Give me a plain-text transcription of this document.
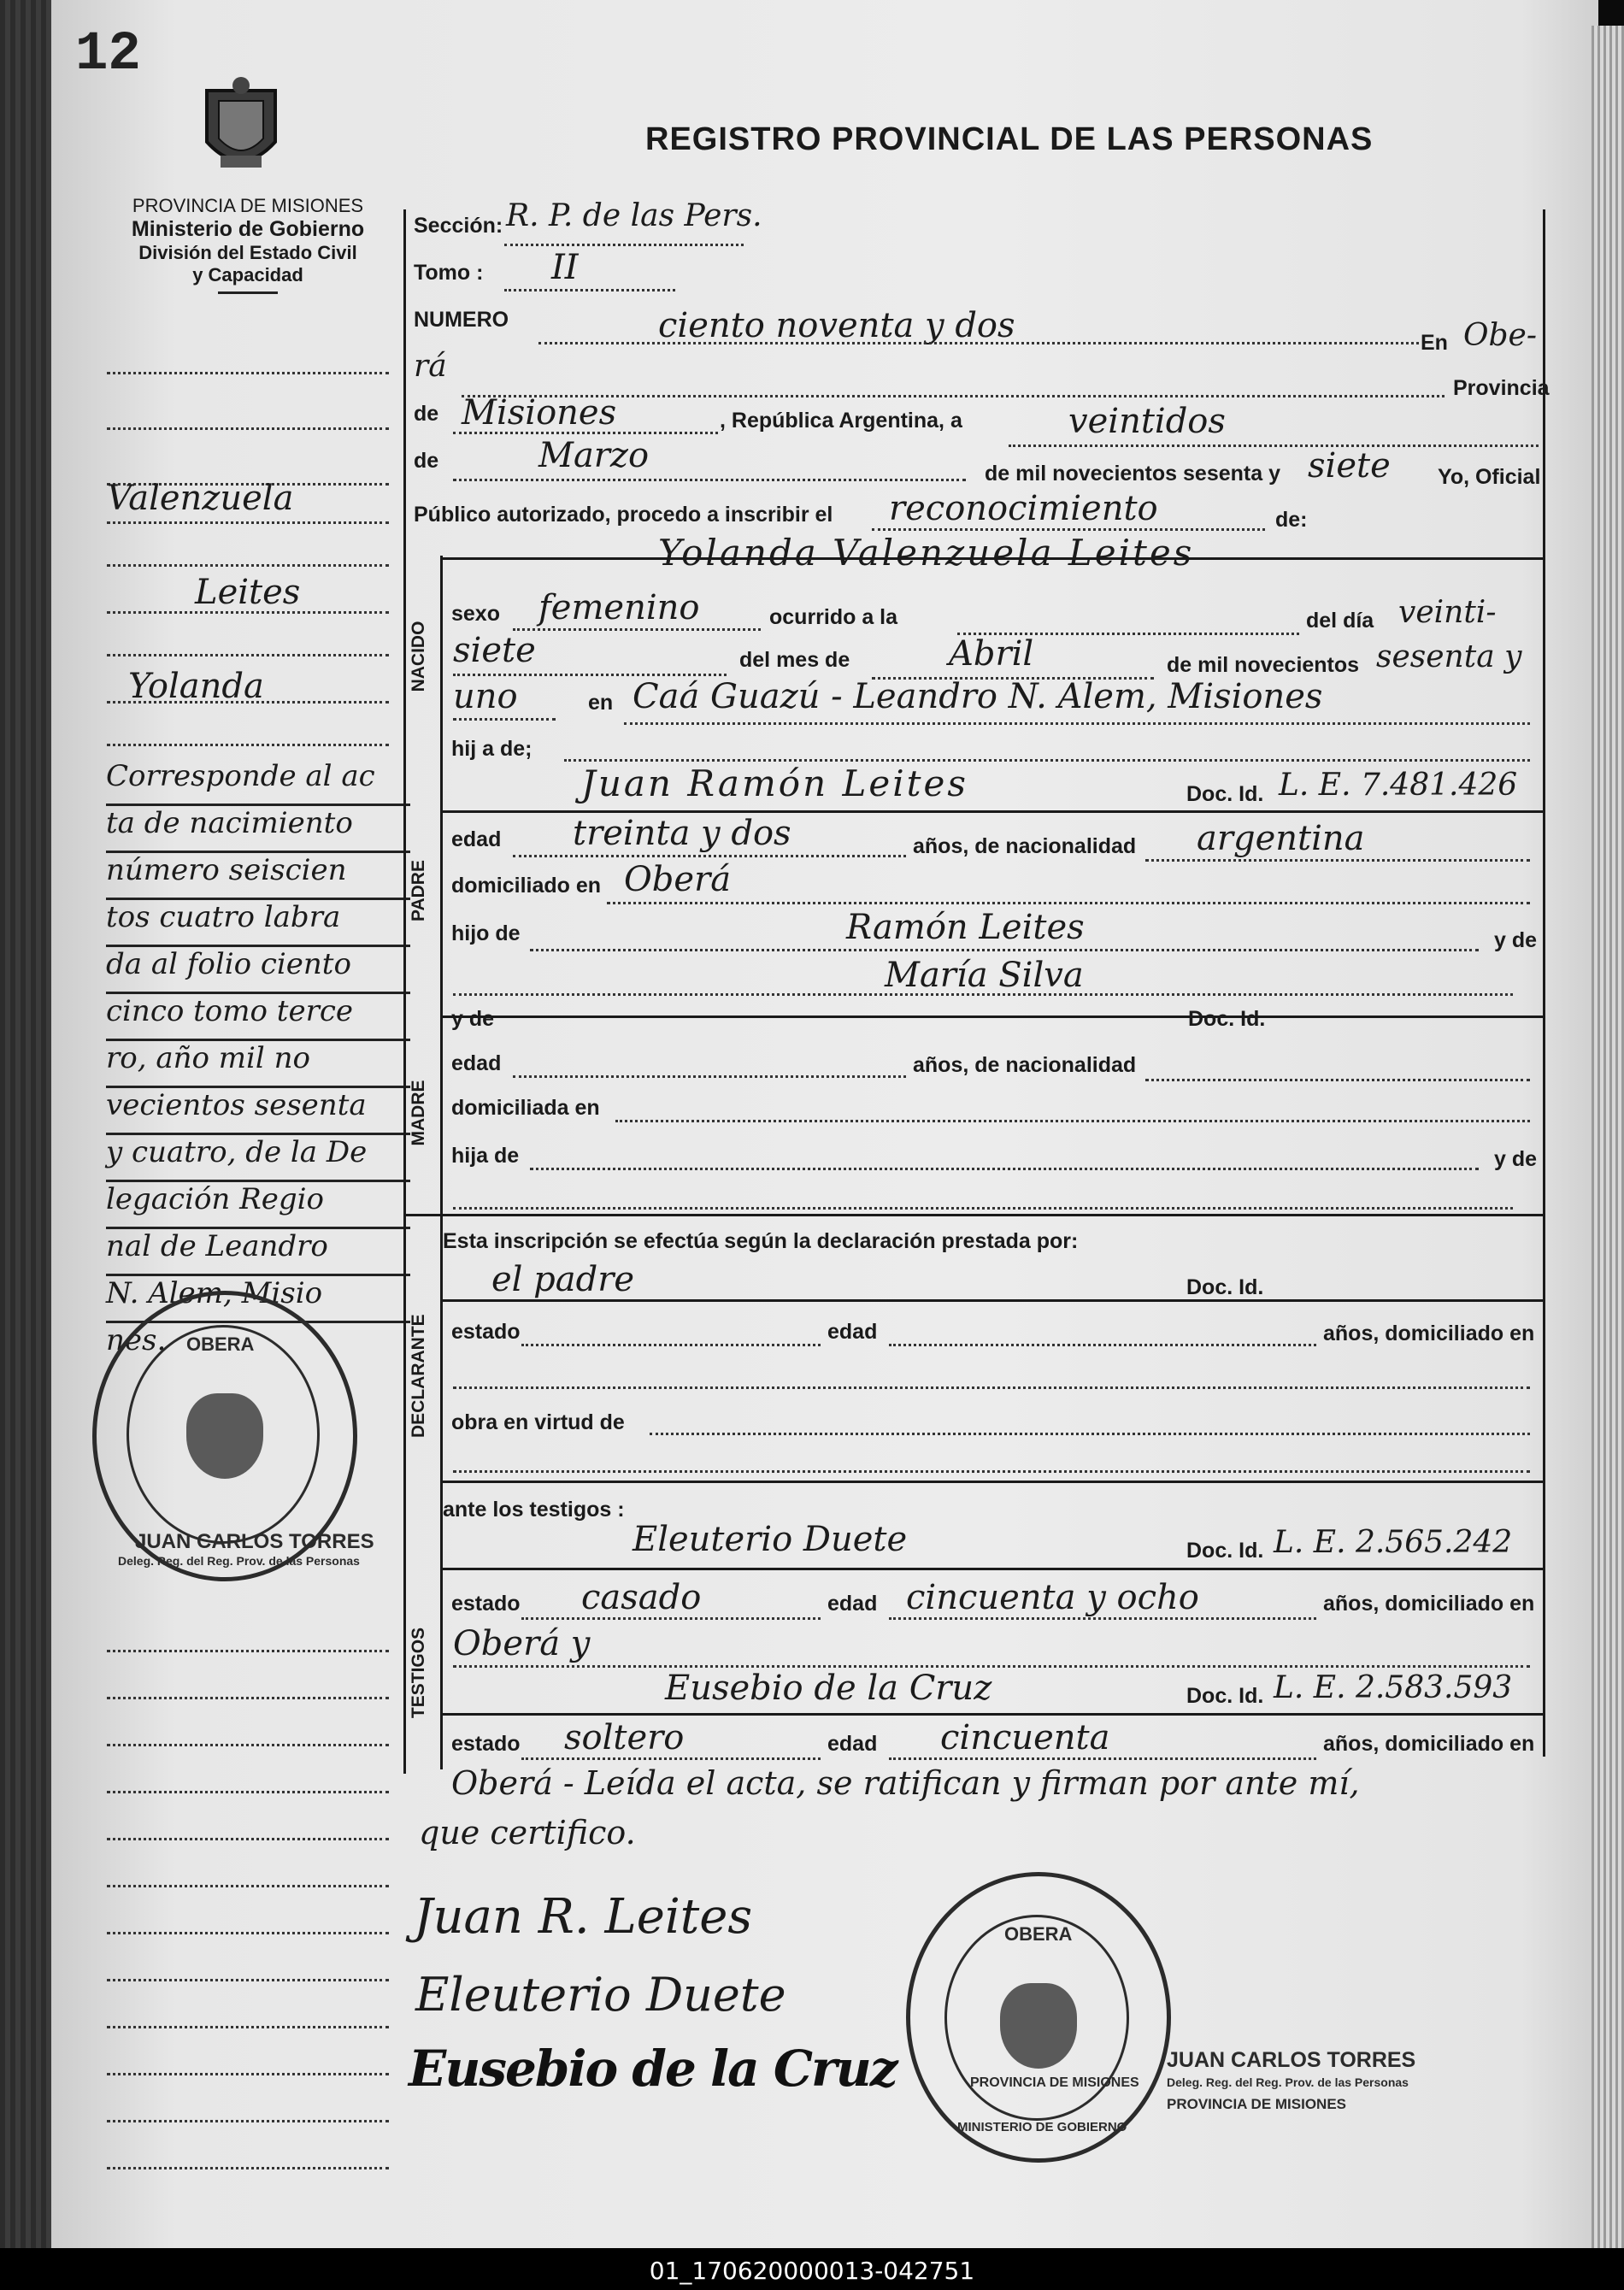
01_170620000013-042751
12
PROVINCIA DE MISIONES
Ministerio de Gobierno
División del Estado Civil
y Capacidad
REGISTRO PROVINCIAL DE LAS PERSONAS
Valenzuela
Leites
Yolanda
Corresponde al ac
ta de nacimiento
número seiscien
tos cuatro labra
da al folio ciento
cinco tomo terce
ro, año mil no
vecientos sesenta
y cuatro, de la De
legación Regio
nal de Leandro
N. Alem, Misio
nes.	OBERA
JUAN CARLOS TORRES
Deleg. Reg. del Reg. Prov. de las Personas
Sección: R. P. de las Pers.
Tomo : II
NUMERO	ciento noventa y dos	En Obe-
rá
Provincia
de Misiones	, República Argentina, a	veintidos
de	Marzo	de mil novecientos sesenta y siete Yo, Oficial
Público autorizado, procedo a inscribir el reconocimiento	de:
Yolanda Valenzuela Leites
NACIDO
sexo femenino	ocurrido a la	del día veinti-
siete	del mes de	Abril	de mil novecientos sesenta y
uno	en Caá Guazú - Leandro N. Alem, Misiones
hij a de;
Juan Ramón Leites	Doc. Id. L. E. 7.481.426
PADRE
edad treinta y dos	años, de nacionalidad argentina
domiciliado en Oberá
hijo de	Ramón Leites	y de
María Silva
MADRE
y de	Doc. Id.
edad	años, de nacionalidad
domiciliada en
hija de	y de
Esta inscripción se efectúa según la declaración prestada por:
el padre	Doc. Id.
DECLARANTE estado	edad	años, domiciliado en
obra en virtud de
ante los testigos :
Eleuterio Duete	Doc. Id. L. E. 2.565.242
TESTIGOS
estado casado	edad cincuenta y ocho	años, domiciliado en
Oberá y
Eusebio de la Cruz	Doc. Id. L. E. 2.583.593
estado soltero	edad cincuenta	años, domiciliado en
Oberá - Leída el acta, se ratifican y firman por ante mí,
que certifico.
Juan R. Leites
Eleuterio Duete
Eusebio de la Cruz
OBERA
PROVINCIA DE MISIONES
MINISTERIO DE GOBIERNO
JUAN CARLOS TORRES
Deleg. Reg. del Reg. Prov. de las Personas
PROVINCIA DE MISIONES
